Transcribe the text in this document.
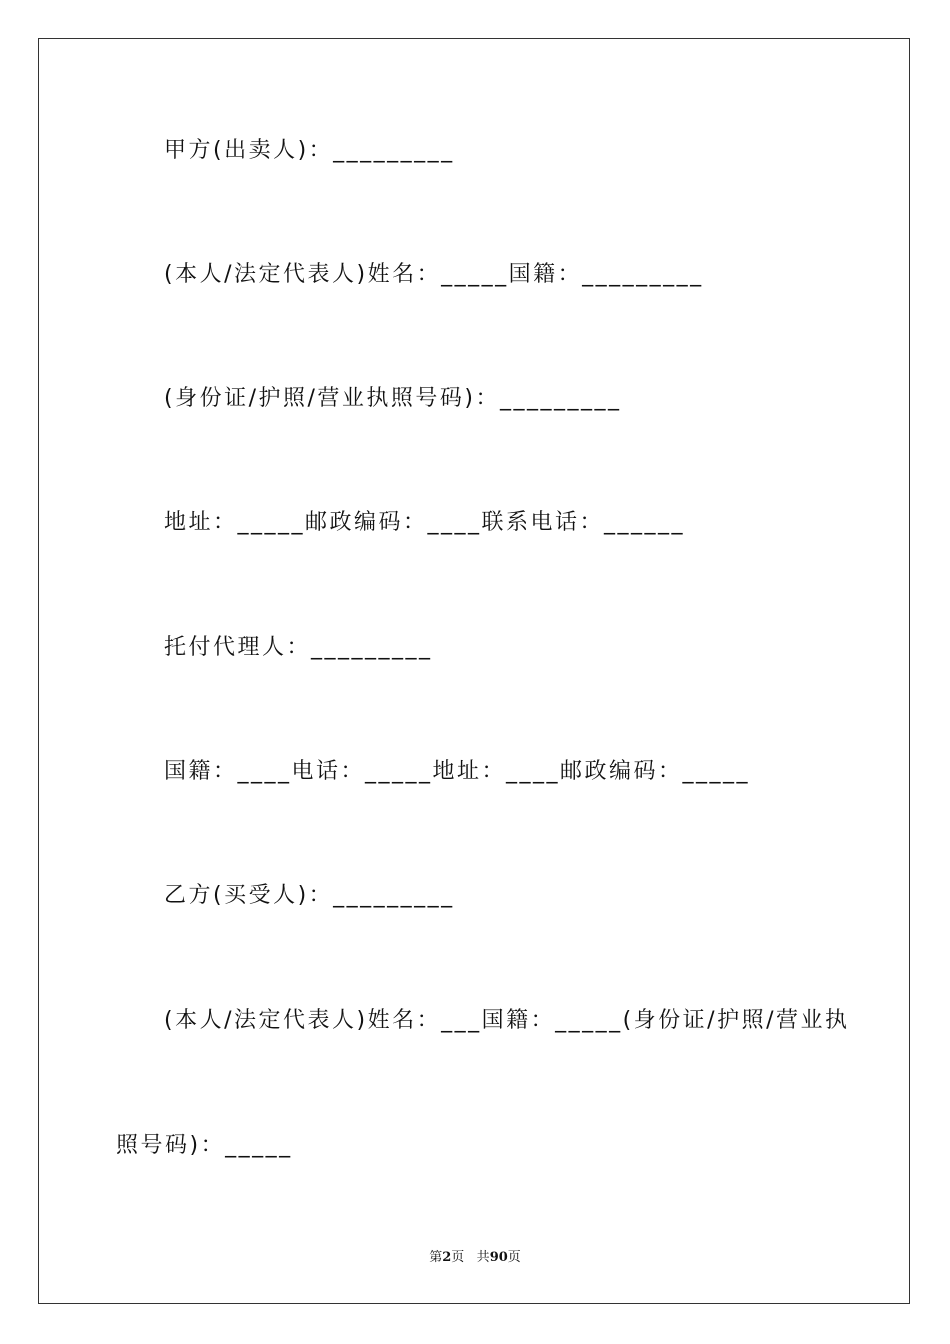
甲方(出卖人)：_________
(本人/法定代表人)姓名：_____国籍：_________
(身份证/护照/营业执照号码)：_________
地址：_____邮政编码：____联系电话：______
托付代理人：_________
国籍：____电话：_____地址：____邮政编码：_____
乙方(买受人)：_________
(本人/法定代表人)姓名：___国籍：_____(身份证/护照/营业执
照号码)：_____
第2页 共90页
